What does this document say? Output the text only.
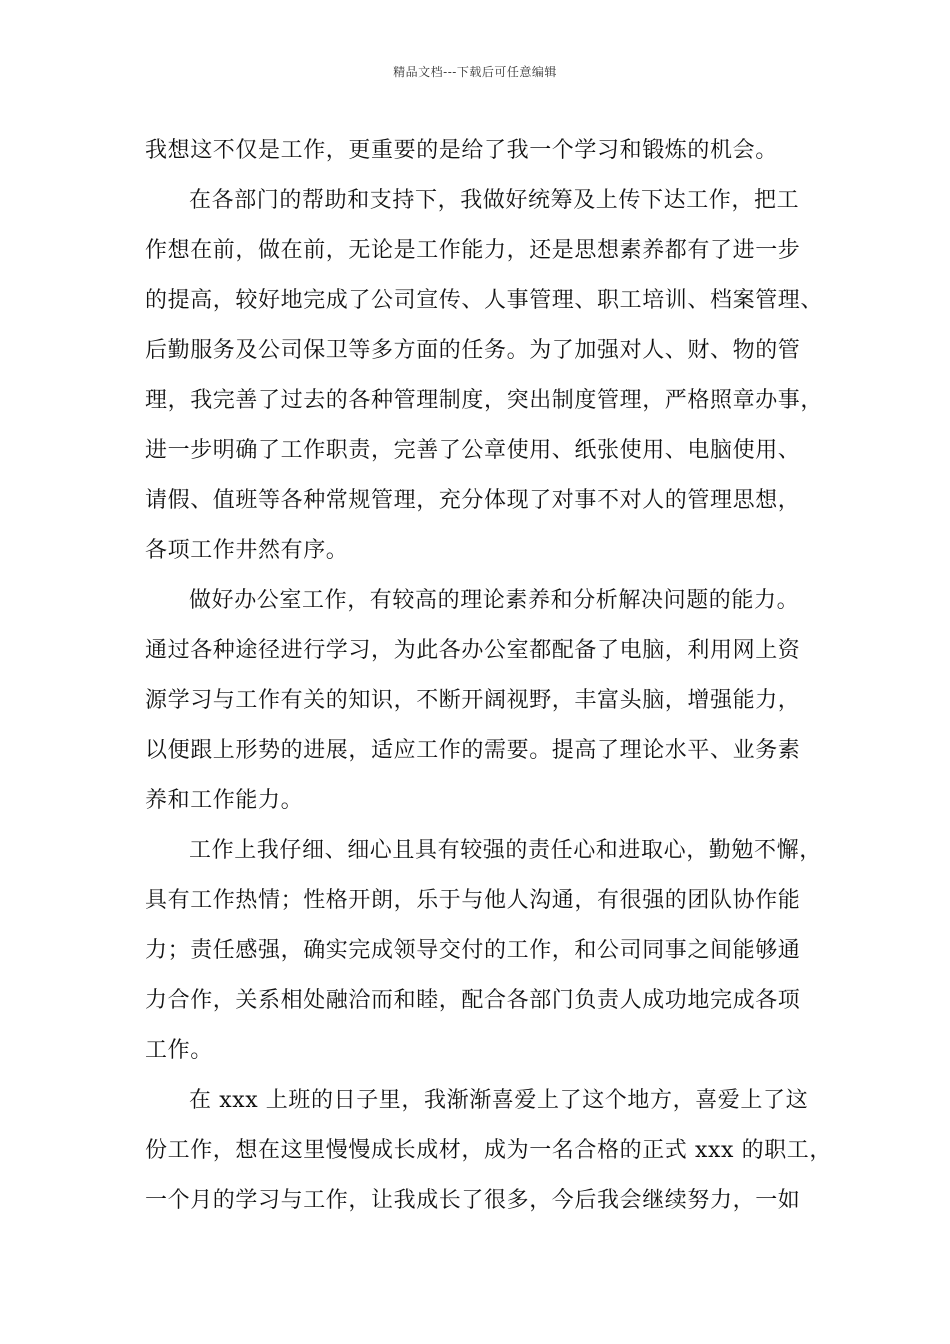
精品文档---下载后可任意编辑
我想这不仅是工作，更重要的是给了我一个学习和锻炼的机会。
在各部门的帮助和支持下，我做好统筹及上传下达工作，把工
作想在前，做在前，无论是工作能力，还是思想素养都有了进一步
的提高，较好地完成了公司宣传、人事管理、职工培训、档案管理、
后勤服务及公司保卫等多方面的任务。为了加强对人、财、物的管
理，我完善了过去的各种管理制度，突出制度管理，严格照章办事，
进一步明确了工作职责，完善了公章使用、纸张使用、电脑使用、
请假、值班等各种常规管理，充分体现了对事不对人的管理思想，
各项工作井然有序。
做好办公室工作，有较高的理论素养和分析解决问题的能力。
通过各种途径进行学习，为此各办公室都配备了电脑，利用网上资
源学习与工作有关的知识，不断开阔视野，丰富头脑，增强能力，
以便跟上形势的进展，适应工作的需要。提高了理论水平、业务素
养和工作能力。
工作上我仔细、细心且具有较强的责任心和进取心，勤勉不懈，
具有工作热情；性格开朗，乐于与他人沟通，有很强的团队协作能
力；责任感强，确实完成领导交付的工作，和公司同事之间能够通
力合作，关系相处融洽而和睦，配合各部门负责人成功地完成各项
工作。
在 xxx 上班的日子里，我渐渐喜爱上了这个地方，喜爱上了这
份工作，想在这里慢慢成长成材，成为一名合格的正式 xxx 的职工，
一个月的学习与工作，让我成长了很多，今后我会继续努力，一如
